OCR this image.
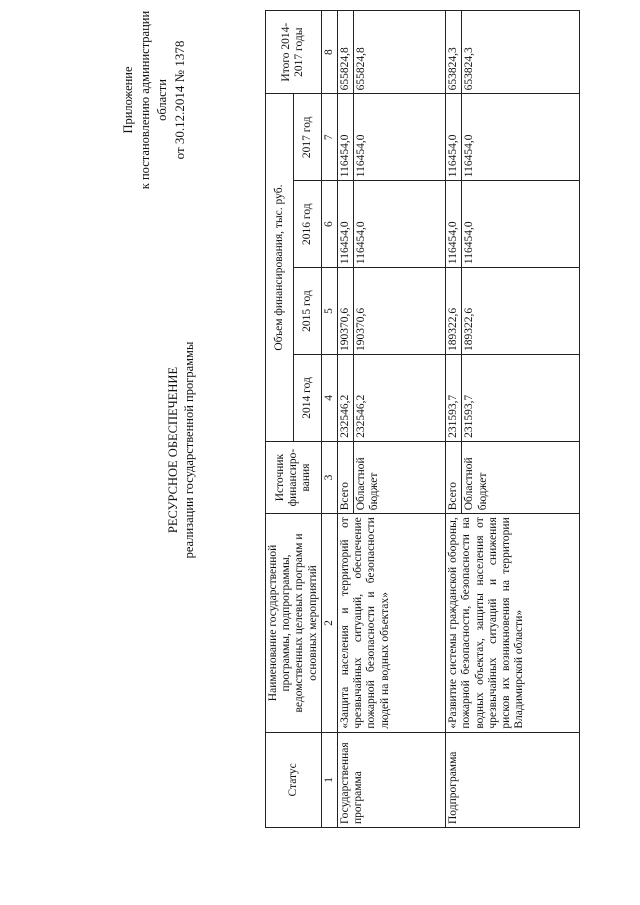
Приложение к постановлению администрации области
от 30.12.2014 № 1378
РЕСУРСНОЕ ОБЕСПЕЧЕНИЕ реализации государственной программы
Статус	Наименование государственной программы, подпрограммы, ведомственных целевых программ и основных мероприятий	Источник финансиро-вания	Объем финансирования, тыс. руб.				Итого 2014-2017 годы
			2014 год	2015 год	2016 год	2017 год	
1	2	3	4	5	6	7	8
Государственная программа	«Защита населения и территорий от чрезвычайных ситуаций, обеспечение пожарной безопасности и безопасности людей на водных объектах»	Всего	232546,2	190370,6	116454,0	116454,0	655824,8
		Областной бюджет	232546,2	190370,6	116454,0	116454,0	655824,8
Подпрограмма	«Развитие системы гражданской обороны, пожарной безопасности, безопасности на водных объектах, защиты населения от чрезвычайных ситуаций и снижения рисков их возникновения на территории Владимирской области»	Всего	231593,7	189322,6	116454,0	116454,0	653824,3
		Областной бюджет	231593,7	189322,6	116454,0	116454,0	653824,3
